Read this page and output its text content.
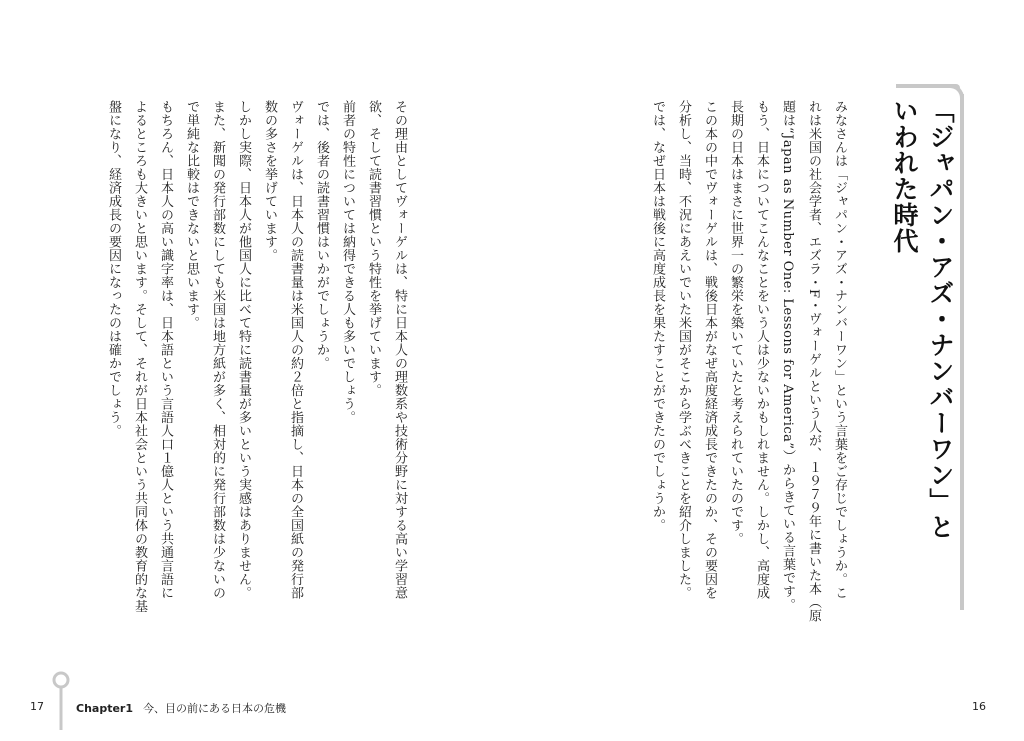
「ジャパン・アズ・ナンバーワン」と
いわれた時代
みなさんは「ジャパン・アズ・ナンバーワン」という言葉をご存じでしょうか。こ
れは米国の社会学者、エズラ・F・ヴォーゲルという人が、１９７９年に書いた本（原
題は“Japan as Number One: Lessons for America”）からきている言葉です。
もう、日本についてこんなことをいう人は少ないかもしれません。しかし、高度成
長期の日本はまさに世界一の繁栄を築いていたと考えられていたのです。
この本の中でヴォーゲルは、戦後日本がなぜ高度経済成長できたのか、その要因を
分析し、当時、不況にあえいでいた米国がそこから学ぶべきことを紹介しました。
では、なぜ日本は戦後に高度成長を果たすことができたのでしょうか。
その理由としてヴォーゲルは、特に日本人の理数系や技術分野に対する高い学習意
欲、そして読書習慣という特性を挙げています。
前者の特性については納得できる人も多いでしょう。
では、後者の読書習慣はいかがでしょうか。
ヴォーゲルは、日本人の読書量は米国人の約２倍と指摘し、日本の全国紙の発行部
数の多さを挙げています。
しかし実際、日本人が他国人に比べて特に読書量が多いという実感はありません。
また、新聞の発行部数にしても米国は地方紙が多く、相対的に発行部数は少ないの
で単純な比較はできないと思います。
もちろん、日本人の高い識字率は、日本語という言語人口１億人という共通言語に
よるところも大きいと思います。そして、それが日本社会という共同体の教育的な基
盤になり、経済成長の要因になったのは確かでしょう。
17	Chapter1 今、目の前にある日本の危機	16
